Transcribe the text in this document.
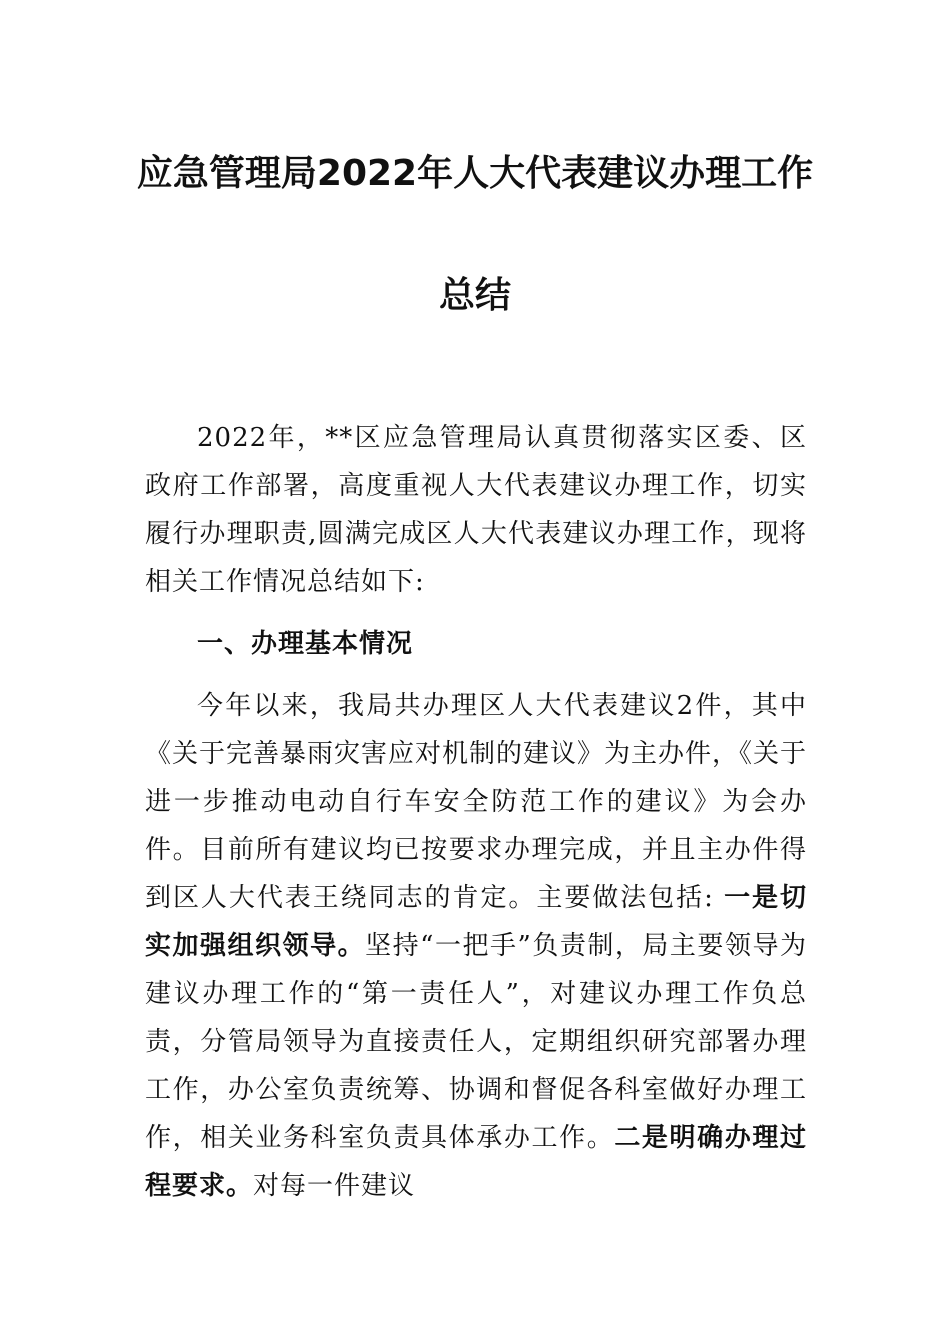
应急管理局2022年人大代表建议办理工作
总结

2022年，**区应急管理局认真贯彻落实区委、区政府工作部署，高度重视人大代表建议办理工作，切实履行办理职责,圆满完成区人大代表建议办理工作，现将相关工作情况总结如下:

一、办理基本情况

今年以来，我局共办理区人大代表建议2件，其中《关于完善暴雨灾害应对机制的建议》为主办件，《关于进一步推动电动自行车安全防范工作的建议》为会办件。目前所有建议均已按要求办理完成，并且主办件得到区人大代表王绕同志的肯定。主要做法包括: 一是切实加强组织领导。坚持“一把手”负责制，局主要领导为建议办理工作的“第一责任人”，对建议办理工作负总责，分管局领导为直接责任人，定期组织研究部署办理工作，办公室负责统筹、协调和督促各科室做好办理工作，相关业务科室负责具体承办工作。二是明确办理过程要求。对每一件建议
